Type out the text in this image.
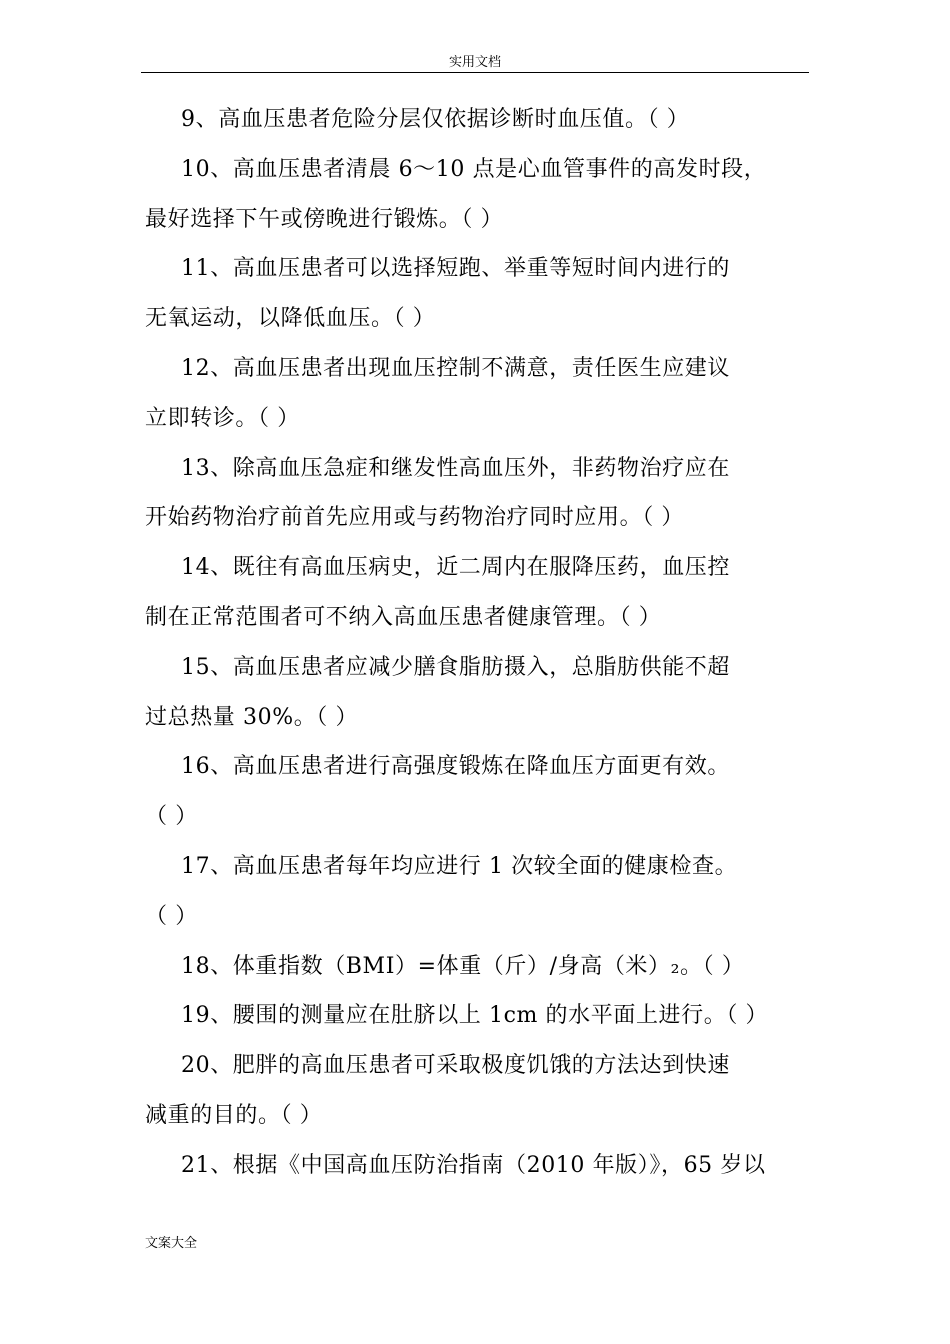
实用文档
9、高血压患者危险分层仅依据诊断时血压值。（ ）
10、高血压患者清晨 6～10 点是心血管事件的高发时段，
最好选择下午或傍晚进行锻炼。（ ）
11、高血压患者可以选择短跑、举重等短时间内进行的
无氧运动，以降低血压。（ ）
12、高血压患者出现血压控制不满意，责任医生应建议
立即转诊。（ ）
13、除高血压急症和继发性高血压外，非药物治疗应在
开始药物治疗前首先应用或与药物治疗同时应用。（ ）
14、既往有高血压病史，近二周内在服降压药，血压控
制在正常范围者可不纳入高血压患者健康管理。（ ）
15、高血压患者应减少膳食脂肪摄入，总脂肪供能不超
过总热量 30%。（ ）
16、高血压患者进行高强度锻炼在降血压方面更有效。
（ ）
17、高血压患者每年均应进行 1 次较全面的健康检查。
（ ）
18、体重指数（BMI）=体重（斤）/身高（米）₂。（ ）
19、腰围的测量应在肚脐以上 1cm 的水平面上进行。（ ）
20、肥胖的高血压患者可采取极度饥饿的方法达到快速
减重的目的。（ ）
21、根据《中国高血压防治指南（2010 年版）》，65 岁以
文案大全
